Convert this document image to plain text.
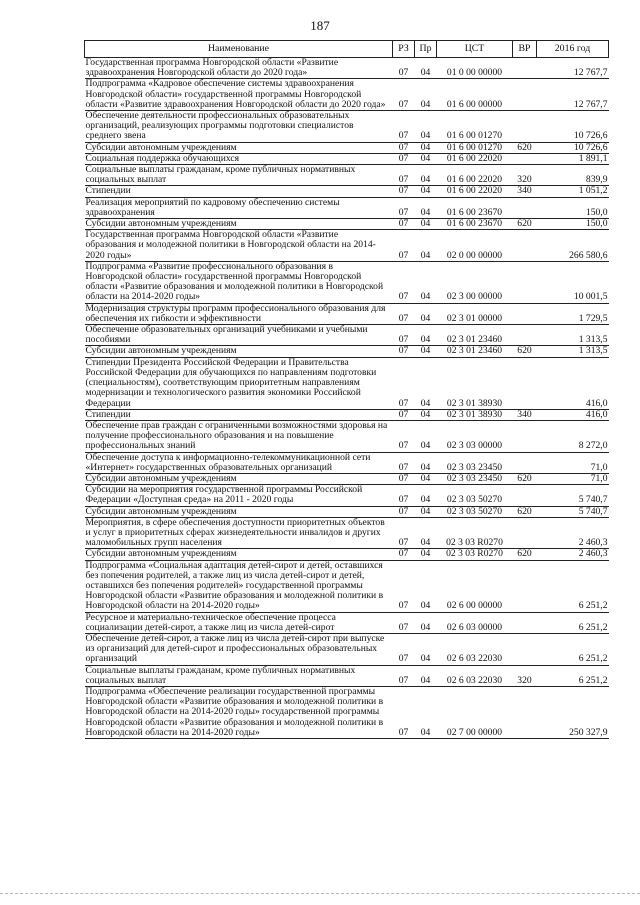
187
Наименование	РЗ	Пр	ЦСТ	ВР	2016 год
Государственная программа Новгородской области «Развитие здравоохранения Новгородской области до 2020 года»	07	04	01 0 00 00000		12 767,7
Подпрограмма «Кадровое обеспечение системы здравоохранения Новгородской области» государственной программы Новгородской области «Развитие здравоохранения Новгородской области до 2020 года»	07	04	01 6 00 00000		12 767,7
Обеспечение деятельности профессиональных образовательных организаций, реализующих программы подготовки специалистов среднего звена	07	04	01 6 00 01270		10 726,6
Субсидии автономным учреждениям	07	04	01 6 00 01270	620	10 726,6
Социальная поддержка обучающихся	07	04	01 6 00 22020		1 891,1
Социальные выплаты гражданам, кроме публичных нормативных социальных выплат	07	04	01 6 00 22020	320	839,9
Стипендии	07	04	01 6 00 22020	340	1 051,2
Реализация мероприятий по кадровому обеспечению системы здравоохранения	07	04	01 6 00 23670		150,0
Субсидии автономным учреждениям	07	04	01 6 00 23670	620	150,0
Государственная программа Новгородской области «Развитие образования и молодежной политики в Новгородской области на 2014-2020 годы»	07	04	02 0 00 00000		266 580,6
Подпрограмма «Развитие профессионального образования в Новгородской области» государственной программы Новгородской области «Развитие образования и молодежной политики в Новгородской области на 2014-2020 годы»	07	04	02 3 00 00000		10 001,5
Модернизация структуры программ профессионального образования для обеспечения их гибкости и эффективности	07	04	02 3 01 00000		1 729,5
Обеспечение образовательных организаций учебниками и учебными пособиями	07	04	02 3 01 23460		1 313,5
Субсидии автономным учреждениям	07	04	02 3 01 23460	620	1 313,5
Стипендии Президента Российской Федерации и Правительства Российской Федерации для обучающихся по направлениям подготовки (специальностям), соответствующим приоритетным направлениям модернизации и технологического развития экономики Российской Федерации	07	04	02 3 01 38930		416,0
Стипендии	07	04	02 3 01 38930	340	416,0
Обеспечение прав граждан с ограниченными возможностями здоровья на получение профессионального образования и на повышение профессиональных знаний	07	04	02 3 03 00000		8 272,0
Обеспечение доступа к информационно-телекоммуникационной сети «Интернет» государственных образовательных организаций	07	04	02 3 03 23450		71,0
Субсидии автономным учреждениям	07	04	02 3 03 23450	620	71,0
Субсидии на мероприятия государственной программы Российской Федерации «Доступная среда» на 2011 - 2020 годы	07	04	02 3 03 50270		5 740,7
Субсидии автономным учреждениям	07	04	02 3 03 50270	620	5 740,7
Мероприятия, в сфере обеспечения доступности приоритетных объектов и услуг в приоритетных сферах жизнедеятельности инвалидов и других маломобильных групп населения	07	04	02 3 03 R0270		2 460,3
Субсидии автономным учреждениям	07	04	02 3 03 R0270	620	2 460,3
Подпрограмма «Социальная адаптация детей-сирот и детей, оставшихся без попечения родителей, а также лиц из числа детей-сирот и детей, оставшихся без попечения родителей» государственной программы Новгородской области «Развитие образования и молодежной политики в Новгородской области на 2014-2020 годы»	07	04	02 6 00 00000		6 251,2
Ресурсное и материально-техническое обеспечение процесса социализации детей-сирот, а также лиц из числа детей-сирот	07	04	02 6 03 00000		6 251,2
Обеспечение детей-сирот, а также лиц из числа детей-сирот при выпуске из организаций для детей-сирот и профессиональных образовательных организаций	07	04	02 6 03 22030		6 251,2
Социальные выплаты гражданам, кроме публичных нормативных социальных выплат	07	04	02 6 03 22030	320	6 251,2
Подпрограмма «Обеспечение реализации государственной программы Новгородской области «Развитие образования и молодежной политики в Новгородской области на 2014-2020 годы» государственной программы Новгородской области «Развитие образования и молодежной политики в Новгородской области на 2014-2020 годы»	07	04	02 7 00 00000		250 327,9
